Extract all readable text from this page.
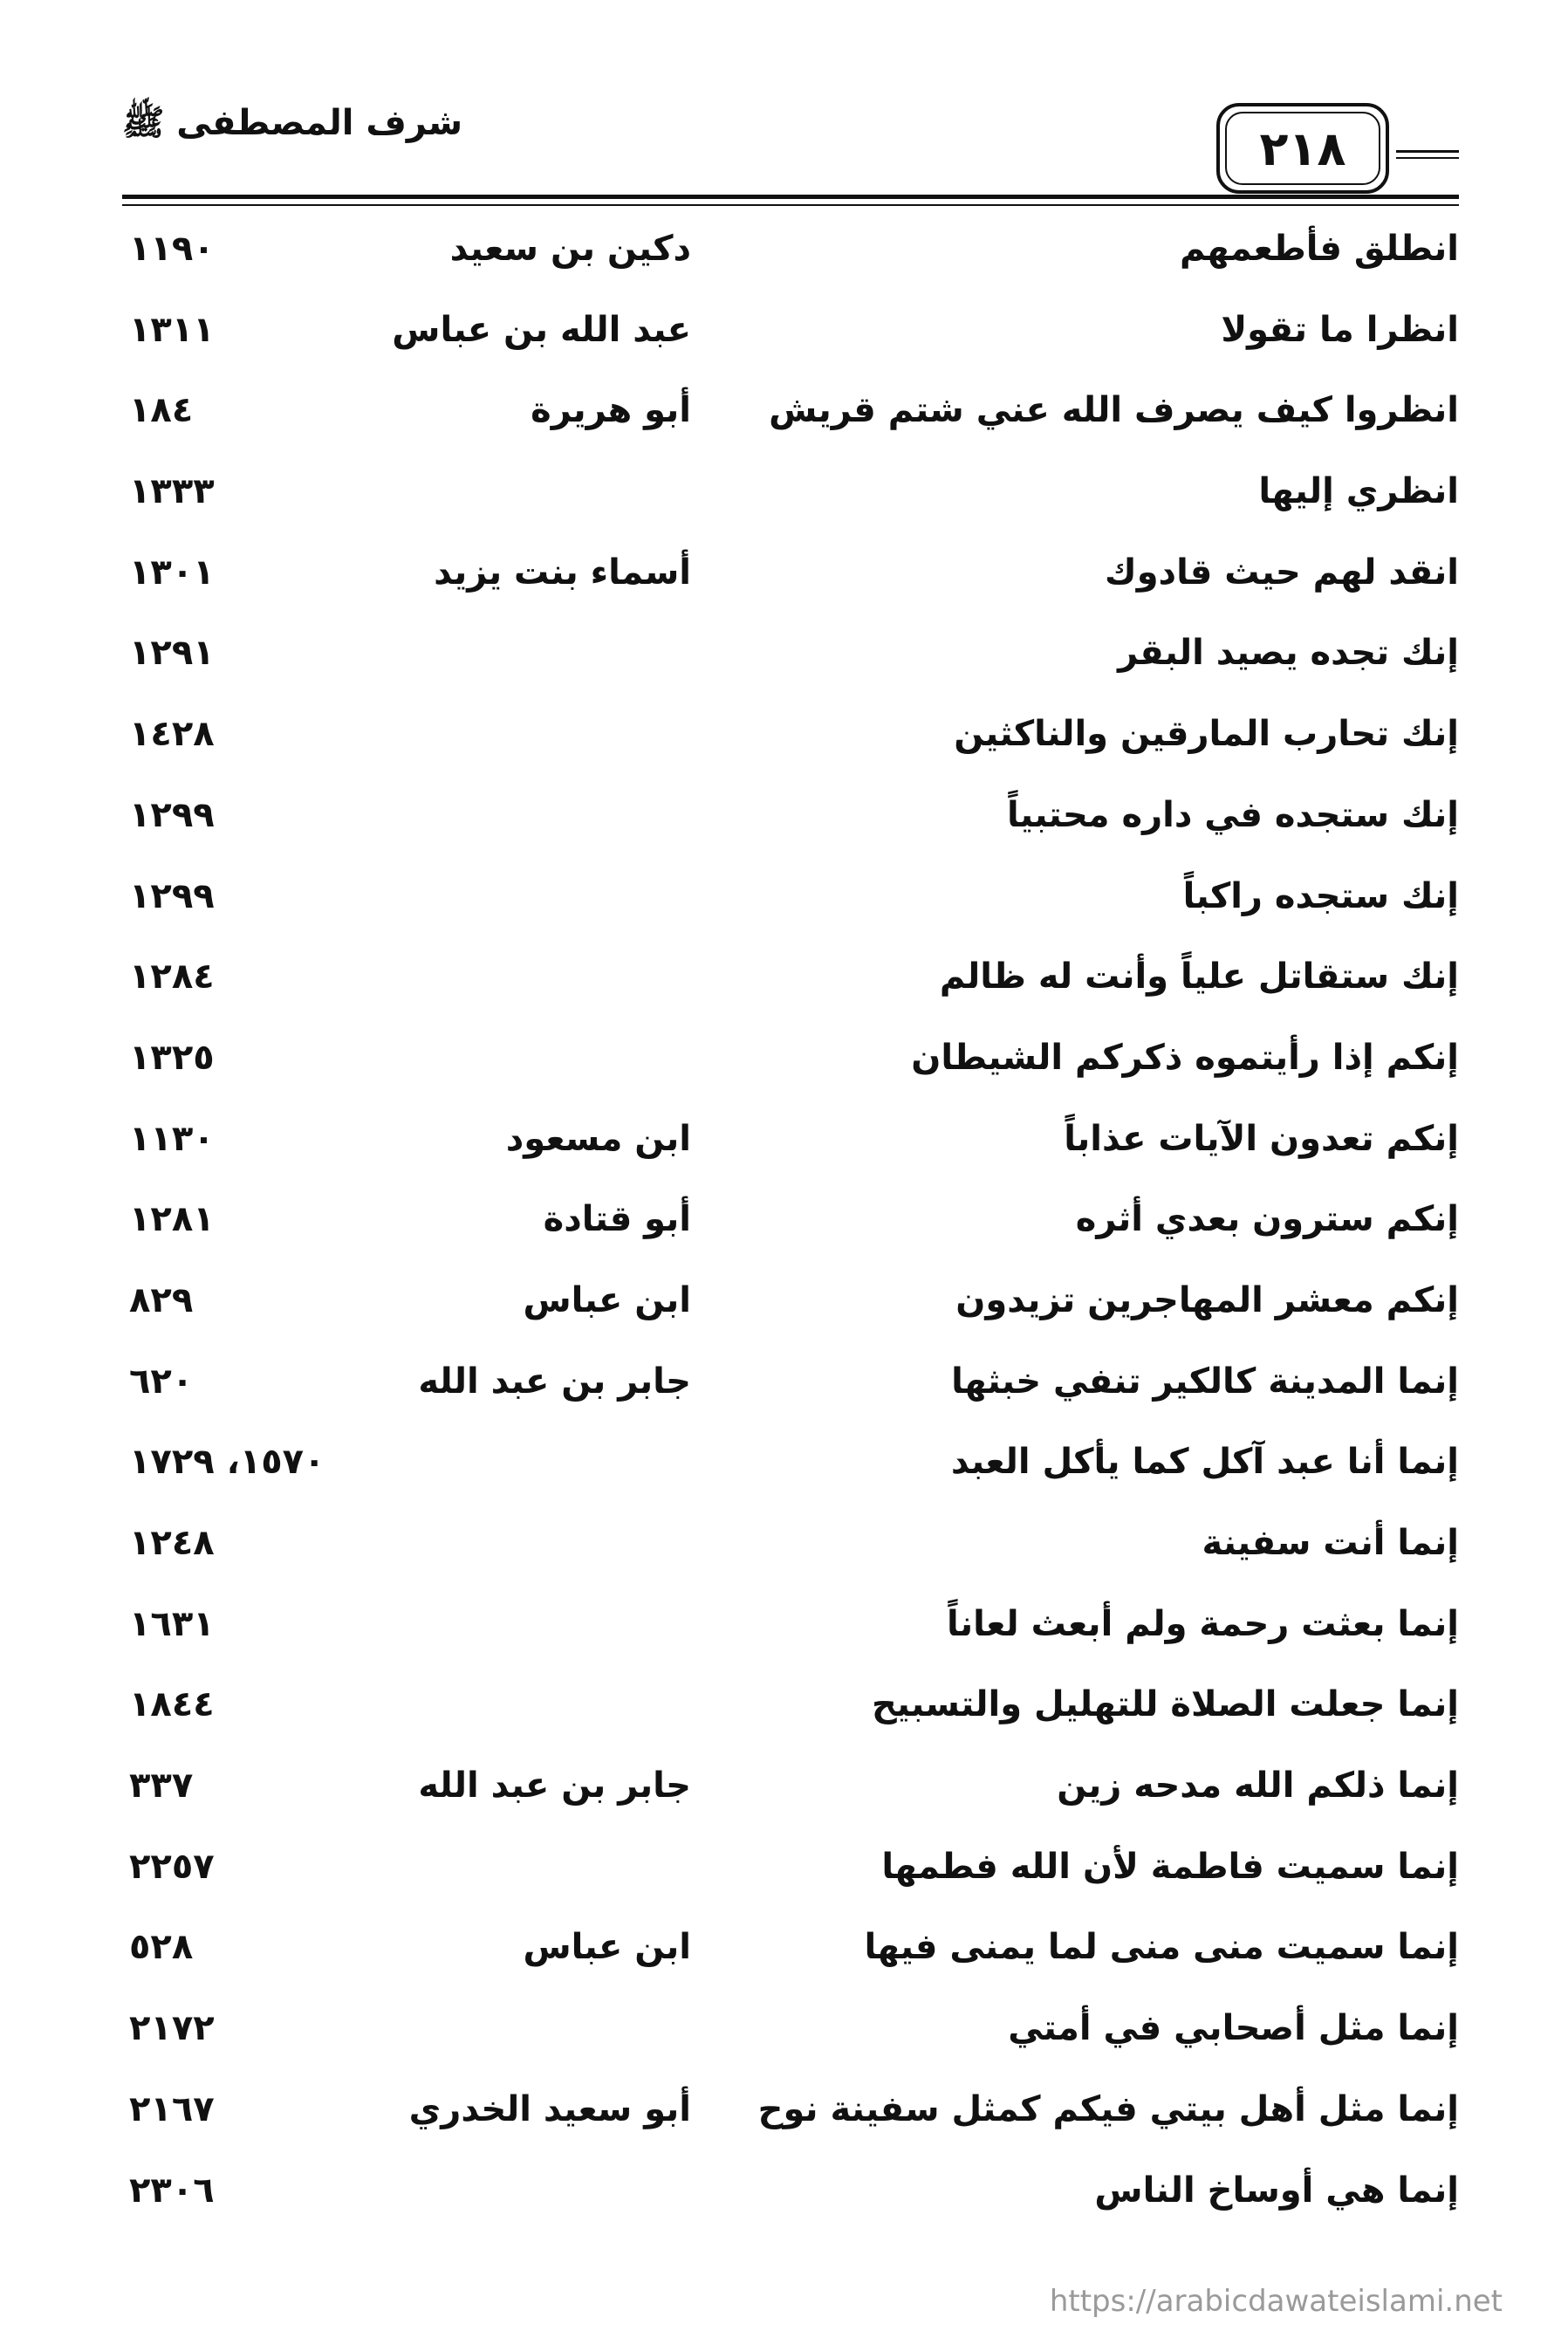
شرف المصطفى ﷺ	٢١٨
انطلق فأطعمهم
دكين بن سعيد
١١٩٠
انظرا ما تقولا
عبد الله بن عباس
١٣١١
انظروا كيف يصرف الله عني شتم قريش
أبو هريرة
١٨٤
انظري إليها
١٣٣٣
انقد لهم حيث قادوك
أسماء بنت يزيد
١٣٠١
إنك تجده يصيد البقر
١٢٩١
إنك تحارب المارقين والناكثين
١٤٢٨
إنك ستجده في داره محتبياً
١٢٩٩
إنك ستجده راكباً
١٢٩٩
إنك ستقاتل علياً وأنت له ظالم
١٢٨٤
إنكم إذا رأيتموه ذكركم الشيطان
١٣٢٥
إنكم تعدون الآيات عذاباً
ابن مسعود
١١٣٠
إنكم سترون بعدي أثره
أبو قتادة
١٢٨١
إنكم معشر المهاجرين تزيدون
ابن عباس
٨٢٩
إنما المدينة كالكير تنفي خبثها
جابر بن عبد الله
٦٢٠
إنما أنا عبد آكل كما يأكل العبد
١٥٧٠، ١٧٢٩
إنما أنت سفينة
١٢٤٨
إنما بعثت رحمة ولم أبعث لعاناً
١٦٣١
إنما جعلت الصلاة للتهليل والتسبيح
١٨٤٤
إنما ذلكم الله مدحه زين
جابر بن عبد الله
٣٣٧
إنما سميت فاطمة لأن الله فطمها
٢٢٥٧
إنما سميت منى منى لما يمنى فيها
ابن عباس
٥٢٨
إنما مثل أصحابي في أمتي
٢١٧٢
إنما مثل أهل بيتي فيكم كمثل سفينة نوح
أبو سعيد الخدري
٢١٦٧
إنما هي أوساخ الناس
٢٣٠٦
https://arabicdawateislami.net
